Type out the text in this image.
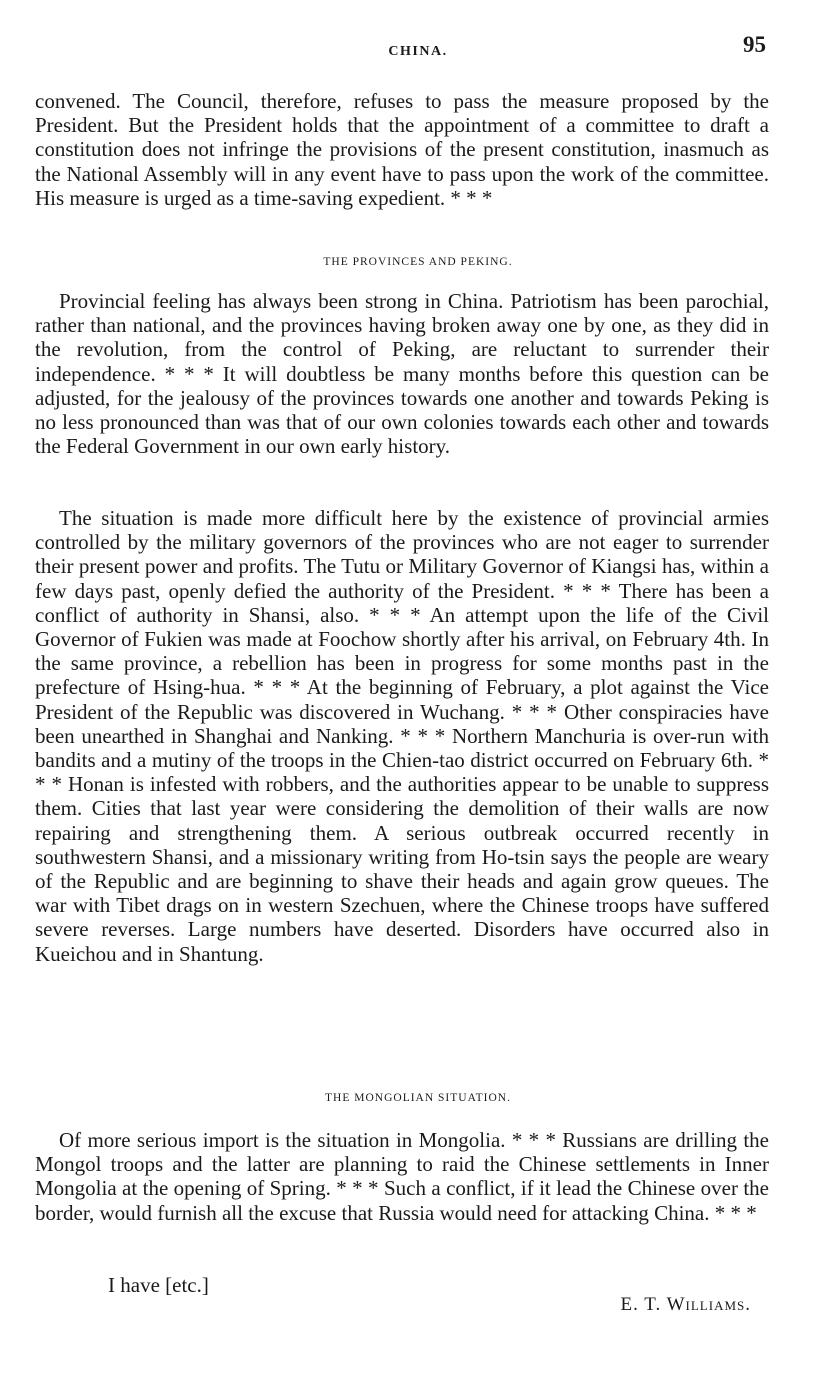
CHINA.	95

convened. The Council, therefore, refuses to pass the measure proposed by the President. But the President holds that the appointment of a committee to draft a constitution does not infringe the provisions of the present constitution, inasmuch as the National Assembly will in any event have to pass upon the work of the committee. His measure is urged as a time-saving expedient. * * *

THE PROVINCES AND PEKING.

Provincial feeling has always been strong in China. Patriotism has been parochial, rather than national, and the provinces having broken away one by one, as they did in the revolution, from the control of Peking, are reluctant to surrender their independence. * * * It will doubtless be many months before this question can be adjusted, for the jealousy of the provinces towards one another and towards Peking is no less pronounced than was that of our own colonies towards each other and towards the Federal Government in our own early history.

The situation is made more difficult here by the existence of provincial armies controlled by the military governors of the provinces who are not eager to surrender their present power and profits. The Tutu or Military Governor of Kiangsi has, within a few days past, openly defied the authority of the President. * * * There has been a conflict of authority in Shansi, also. * * * An attempt upon the life of the Civil Governor of Fukien was made at Foochow shortly after his arrival, on February 4th. In the same province, a rebellion has been in progress for some months past in the prefecture of Hsing-hua. * * * At the beginning of February, a plot against the Vice President of the Republic was discovered in Wuchang. * * * Other conspiracies have been unearthed in Shanghai and Nanking. * * * Northern Manchuria is over-run with bandits and a mutiny of the troops in the Chien-tao district occurred on February 6th. * * * Honan is infested with robbers, and the authorities appear to be unable to suppress them. Cities that last year were considering the demolition of their walls are now repairing and strengthening them. A serious outbreak occurred recently in southwestern Shansi, and a missionary writing from Ho-tsin says the people are weary of the Republic and are beginning to shave their heads and again grow queues. The war with Tibet drags on in western Szechuen, where the Chinese troops have suffered severe reverses. Large numbers have deserted. Disorders have occurred also in Kueichou and in Shantung.

THE MONGOLIAN SITUATION.

Of more serious import is the situation in Mongolia. * * * Russians are drilling the Mongol troops and the latter are planning to raid the Chinese settlements in Inner Mongolia at the opening of Spring. * * * Such a conflict, if it lead the Chinese over the border, would furnish all the excuse that Russia would need for attacking China. * * *

I have [etc.]
E. T. Williams.
